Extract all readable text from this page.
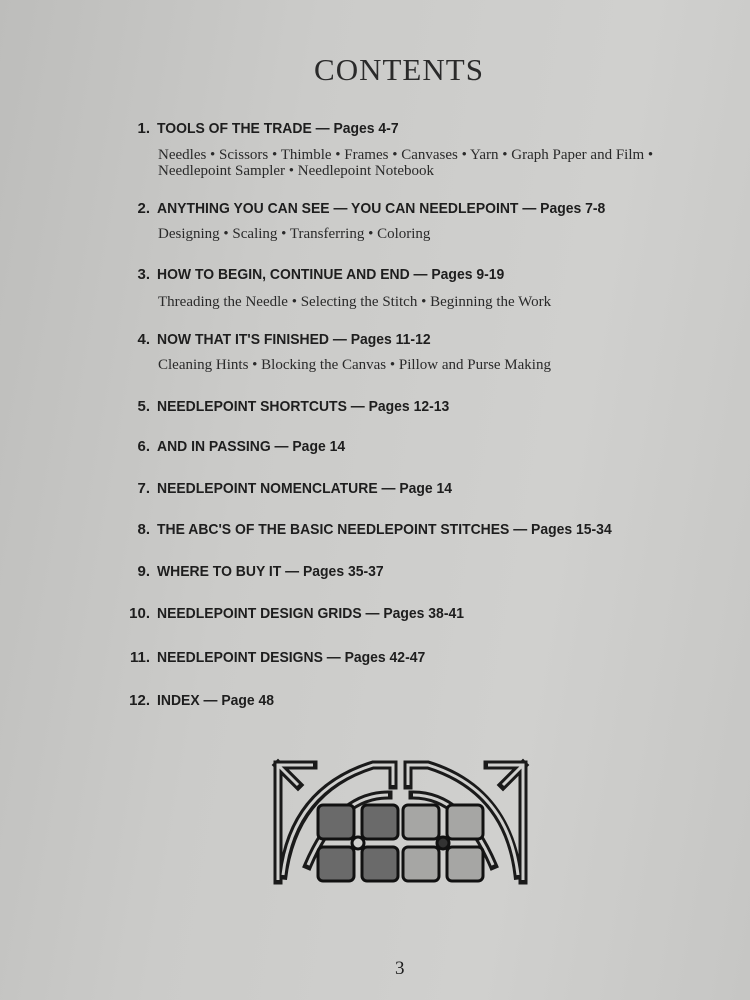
CONTENTS
1. TOOLS OF THE TRADE — Pages 4-7
Needles • Scissors • Thimble • Frames • Canvases • Yarn • Graph Paper and Film • Needlepoint Sampler • Needlepoint Notebook
2. ANYTHING YOU CAN SEE — YOU CAN NEEDLEPOINT — Pages 7-8
Designing • Scaling • Transferring • Coloring
3. HOW TO BEGIN, CONTINUE AND END — Pages 9-19
Threading the Needle • Selecting the Stitch • Beginning the Work
4. NOW THAT IT'S FINISHED — Pages 11-12
Cleaning Hints • Blocking the Canvas • Pillow and Purse Making
5. NEEDLEPOINT SHORTCUTS — Pages 12-13
6. AND IN PASSING — Page 14
7. NEEDLEPOINT NOMENCLATURE — Page 14
8. THE ABC'S OF THE BASIC NEEDLEPOINT STITCHES — Pages 15-34
9. WHERE TO BUY IT — Pages 35-37
10. NEEDLEPOINT DESIGN GRIDS — Pages 38-41
11. NEEDLEPOINT DESIGNS — Pages 42-47
12. INDEX — Page 48
3
